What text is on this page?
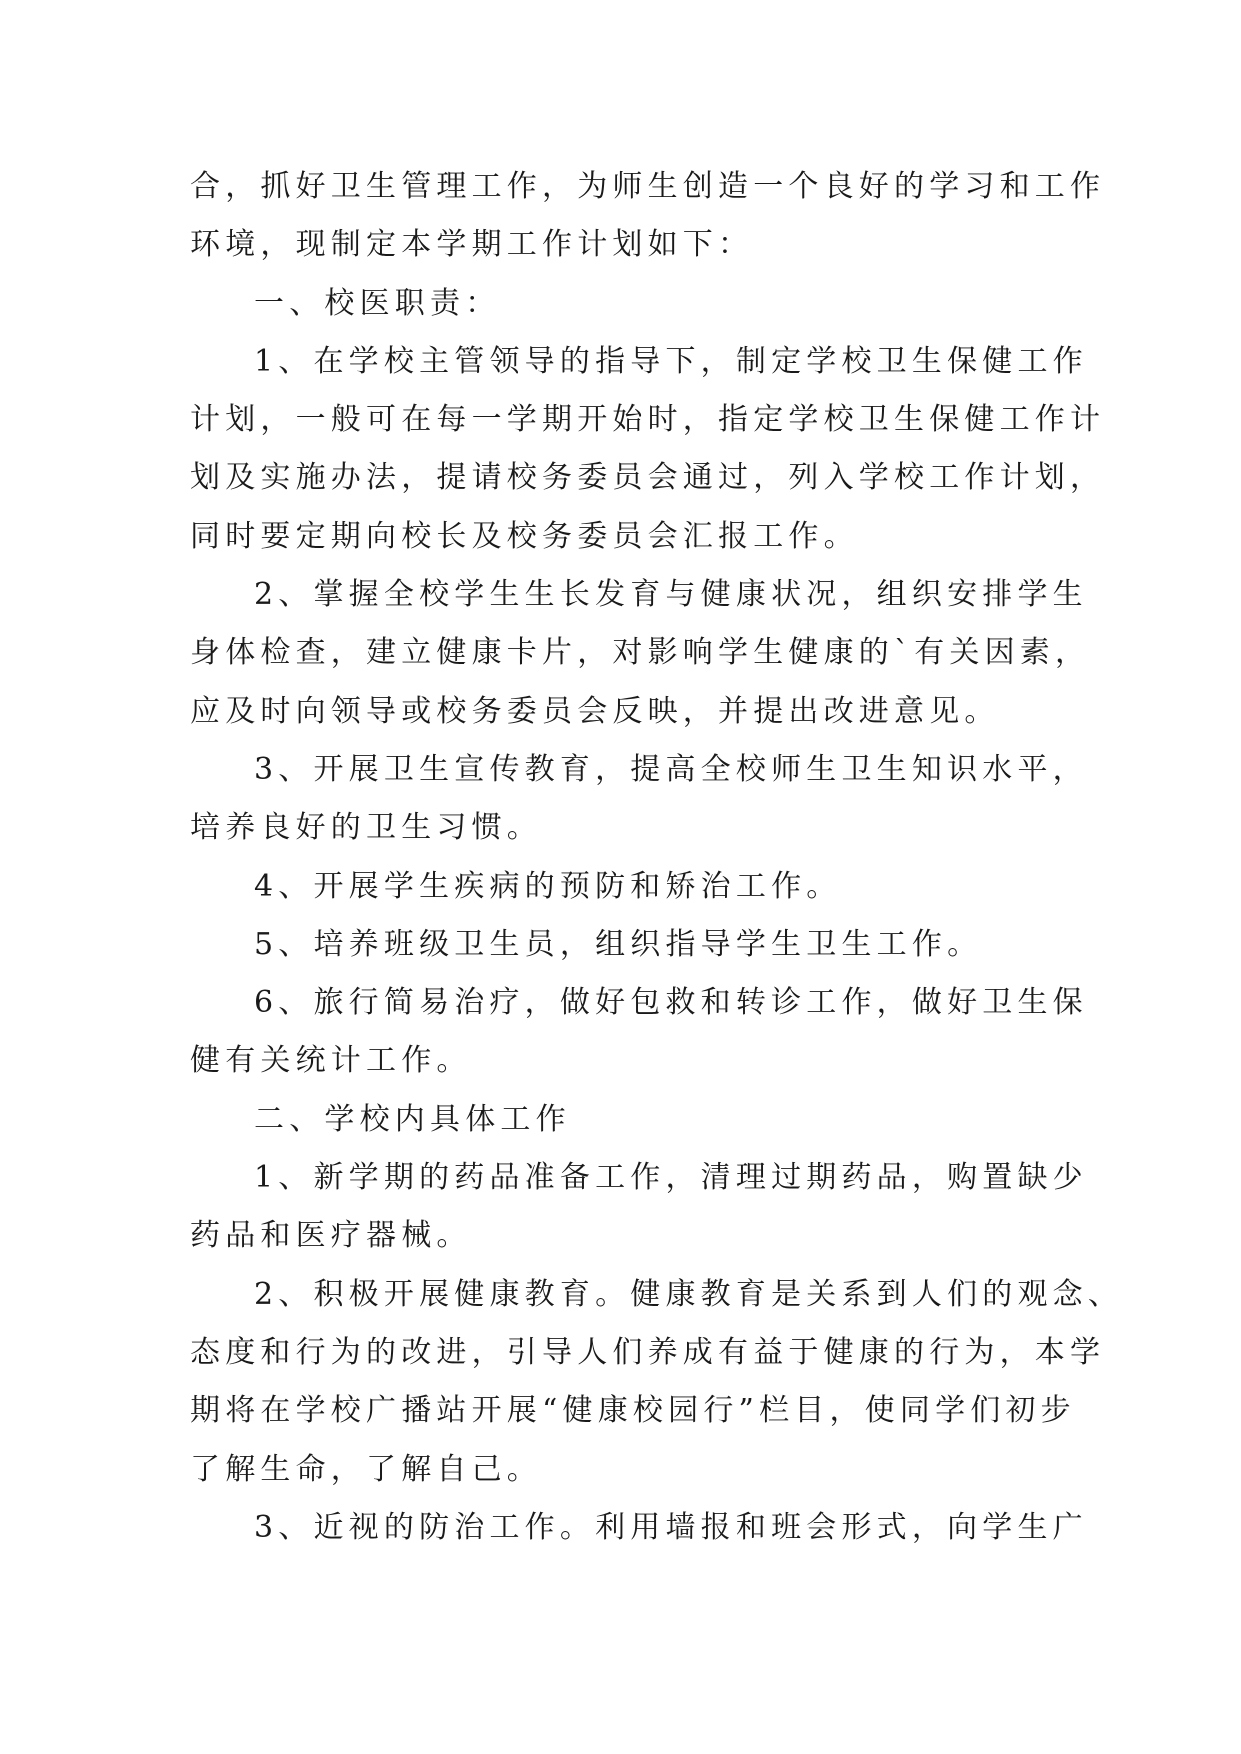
合，抓好卫生管理工作，为师生创造一个良好的学习和工作
环境，现制定本学期工作计划如下：
一、校医职责：
1、在学校主管领导的指导下，制定学校卫生保健工作
计划，一般可在每一学期开始时，指定学校卫生保健工作计
划及实施办法，提请校务委员会通过，列入学校工作计划，
同时要定期向校长及校务委员会汇报工作。
2、掌握全校学生生长发育与健康状况，组织安排学生
身体检查，建立健康卡片，对影响学生健康的`有关因素，
应及时向领导或校务委员会反映，并提出改进意见。
3、开展卫生宣传教育，提高全校师生卫生知识水平，
培养良好的卫生习惯。
4、开展学生疾病的预防和矫治工作。
5、培养班级卫生员，组织指导学生卫生工作。
6、旅行简易治疗，做好包救和转诊工作，做好卫生保
健有关统计工作。
二、学校内具体工作
1、新学期的药品准备工作，清理过期药品，购置缺少
药品和医疗器械。
2、积极开展健康教育。健康教育是关系到人们的观念、
态度和行为的改进，引导人们养成有益于健康的行为，本学
期将在学校广播站开展“健康校园行”栏目，使同学们初步
了解生命，了解自己。
3、近视的防治工作。利用墙报和班会形式，向学生广
